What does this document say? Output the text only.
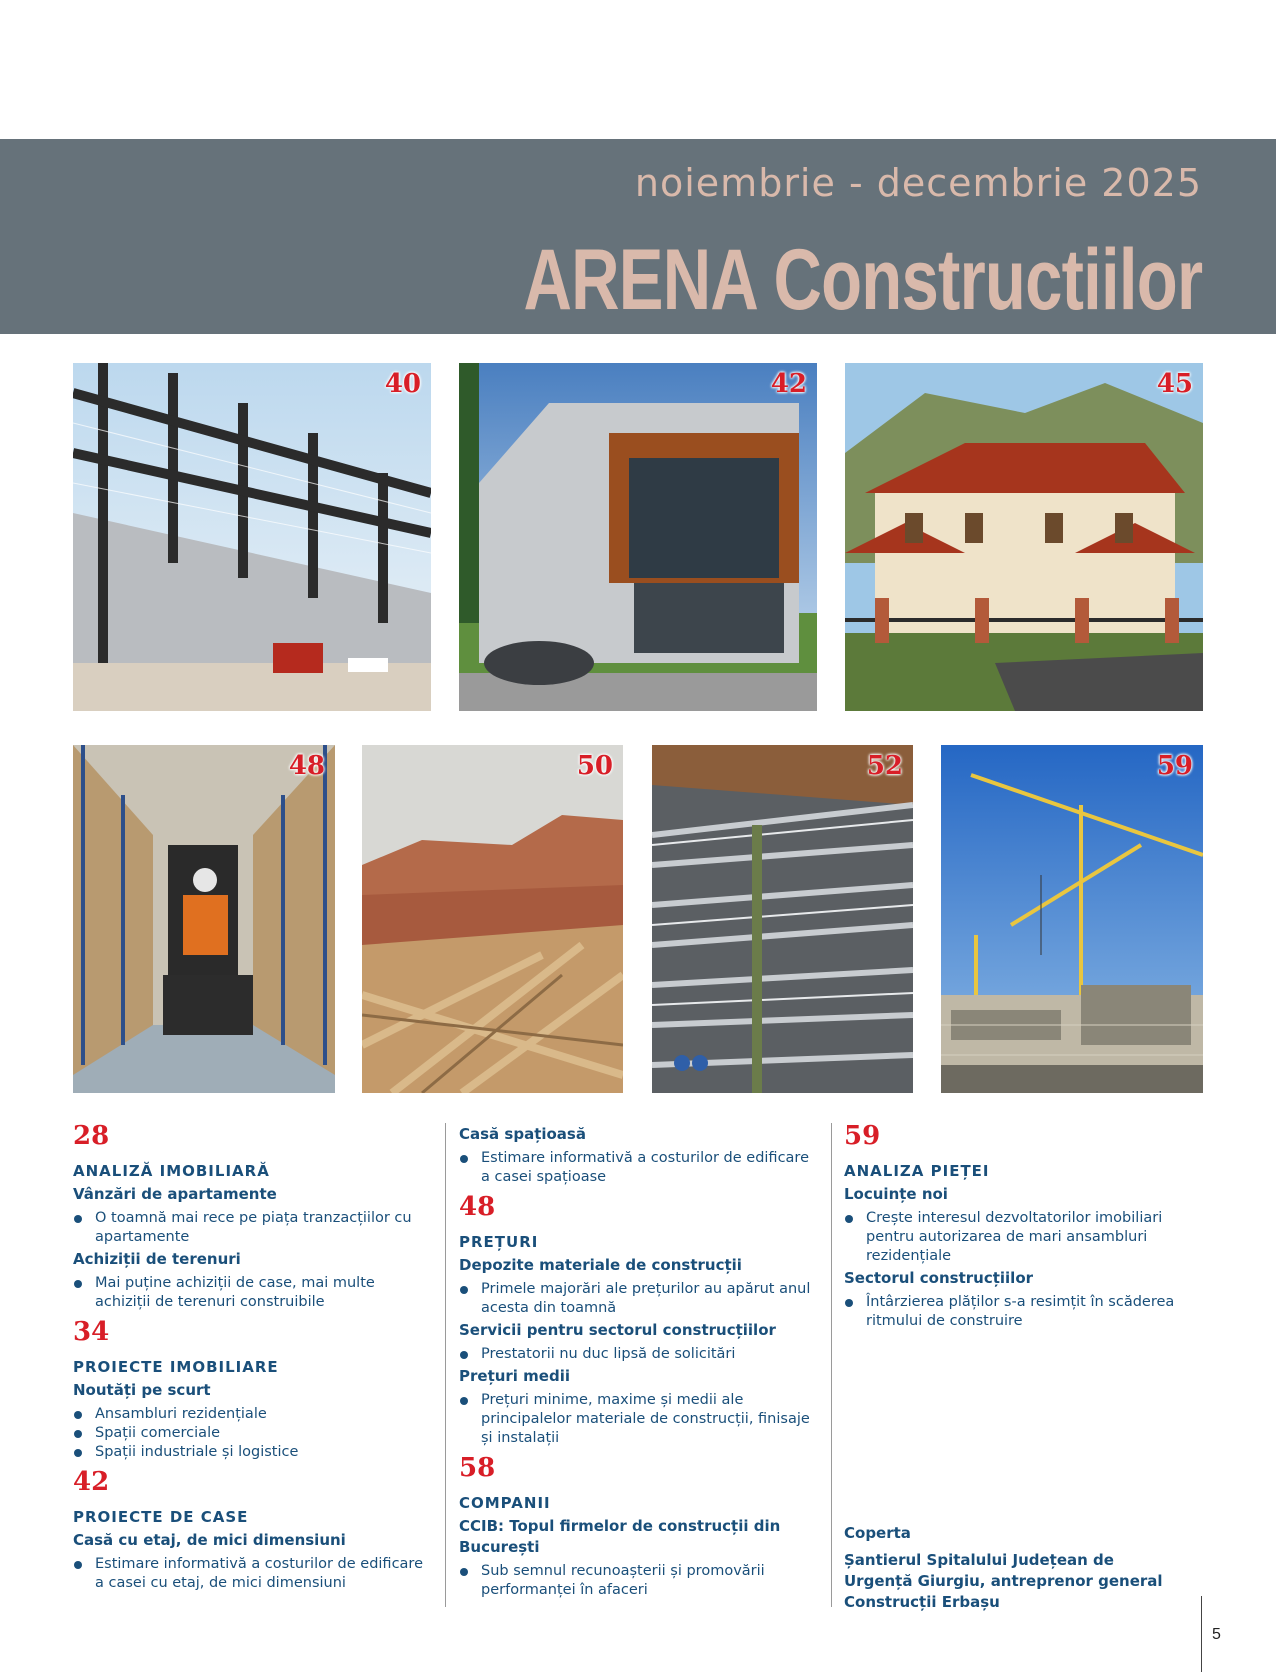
noiembrie - decembrie 2025
ARENA Constructiilor
40	42	45
48	50	52	59
28
ANALIZĂ IMOBILIARĂ
Vânzări de apartamente
O toamnă mai rece pe piața tranzacțiilor cu apartamente
Achiziții de terenuri
Mai puține achiziții de case, mai multe achiziții de terenuri construibile
34
PROIECTE IMOBILIARE
Noutăți pe scurt
Ansambluri rezidențiale
Spații comerciale
Spații industriale și logistice
42
PROIECTE DE CASE
Casă cu etaj, de mici dimensiuni
Estimare informativă a costurilor de edificare a casei cu etaj, de mici dimensiuni
Casă spațioasă
Estimare informativă a costurilor de edificare a casei spațioase
48
PREȚURI
Depozite materiale de construcții
Primele majorări ale prețurilor au apărut anul acesta din toamnă
Servicii pentru sectorul construcțiilor
Prestatorii nu duc lipsă de solicitări
Prețuri medii
Prețuri minime, maxime și medii ale principalelor materiale de construcții, finisaje și instalații
58
COMPANII
CCIB: Topul firmelor de construcții din București
Sub semnul recunoașterii și promovării performanței în afaceri
59
ANALIZA PIEȚEI
Locuințe noi
Crește interesul dezvoltatorilor imobiliari pentru autorizarea de mari ansambluri rezidențiale
Sectorul construcțiilor
Întârzierea plăților s-a resimțit în scăderea ritmului de construire
Coperta
Șantierul Spitalului Județean de Urgență Giurgiu, antreprenor general Construcții Erbașu
5
